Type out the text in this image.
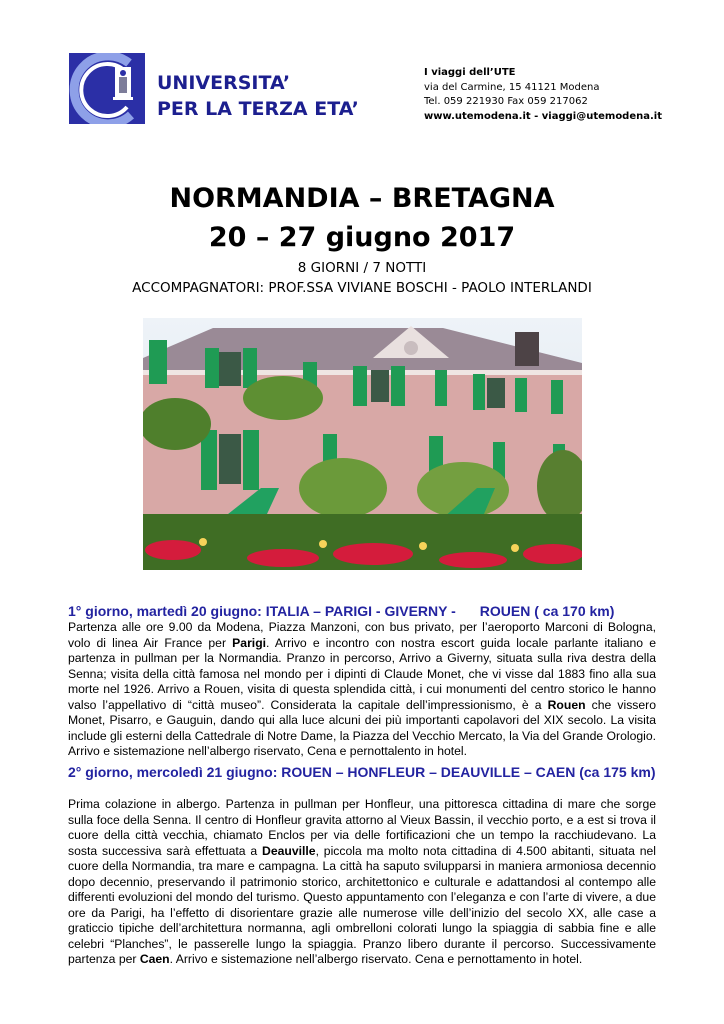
UNIVERSITA’
PER LA TERZA ETA’
I viaggi dell’UTE
via del Carmine, 15 41121 Modena
Tel. 059 221930 Fax 059 217062
www.utemodena.it - viaggi@utemodena.it
NORMANDIA – BRETAGNA
20 – 27 giugno 2017
8 GIORNI / 7 NOTTI
ACCOMPAGNATORI: PROF.SSA VIVIANE BOSCHI - PAOLO INTERLANDI
1° giorno, martedì 20 giugno: ITALIA – PARIGI - GIVERNY - ROUEN ( ca 170 km)
Partenza alle ore 9.00 da Modena, Piazza Manzoni, con bus privato, per l’aeroporto Marconi di Bologna, volo di linea Air France per Parigi. Arrivo e incontro con nostra escort guida locale parlante italiano e partenza in pullman per la Normandia. Pranzo in percorso, Arrivo a Giverny, situata sulla riva destra della Senna; visita della città famosa nel mondo per i dipinti di Claude Monet, che vi visse dal 1883 fino alla sua morte nel 1926. Arrivo a Rouen, visita di questa splendida città, i cui monumenti del centro storico le hanno valso l’appellativo di “città museo”. Considerata la capitale dell’impressionismo, è a Rouen che vissero Monet, Pisarro, e Gauguin, dando qui alla luce alcuni dei più importanti capolavori del XIX secolo. La visita include gli esterni della Cattedrale di Notre Dame, la Piazza del Vecchio Mercato, la Via del Grande Orologio. Arrivo e sistemazione nell’albergo riservato, Cena e pernottalento in hotel.
2° giorno, mercoledì 21 giugno: ROUEN – HONFLEUR – DEAUVILLE – CAEN (ca 175 km)
Prima colazione in albergo. Partenza in pullman per Honfleur, una pittoresca cittadina di mare che sorge sulla foce della Senna. Il centro di Honfleur gravita attorno al Vieux Bassin, il vecchio porto, e a est si trova il cuore della città vecchia, chiamato Enclos per via delle fortificazioni che un tempo la racchiudevano. La sosta successiva sarà effettuata a Deauville, piccola ma molto nota cittadina di 4.500 abitanti, situata nel cuore della Normandia, tra mare e campagna. La città ha saputo svilupparsi in maniera armoniosa decennio dopo decennio, preservando il patrimonio storico, architettonico e culturale e adattandosi al contempo alle differenti evoluzioni del mondo del turismo. Questo appuntamento con l’eleganza e con l’arte di vivere, a due ore da Parigi, ha l’effetto di disorientare grazie alle numerose ville dell’inizio del secolo XX, alle case a graticcio tipiche dell’architettura normanna, agli ombrelloni colorati lungo la spiaggia di sabbia fine e alle celebri “Planches”, le passerelle lungo la spiaggia. Pranzo libero durante il percorso. Successivamente partenza per Caen. Arrivo e sistemazione nell’albergo riservato. Cena e pernottamento in hotel.
